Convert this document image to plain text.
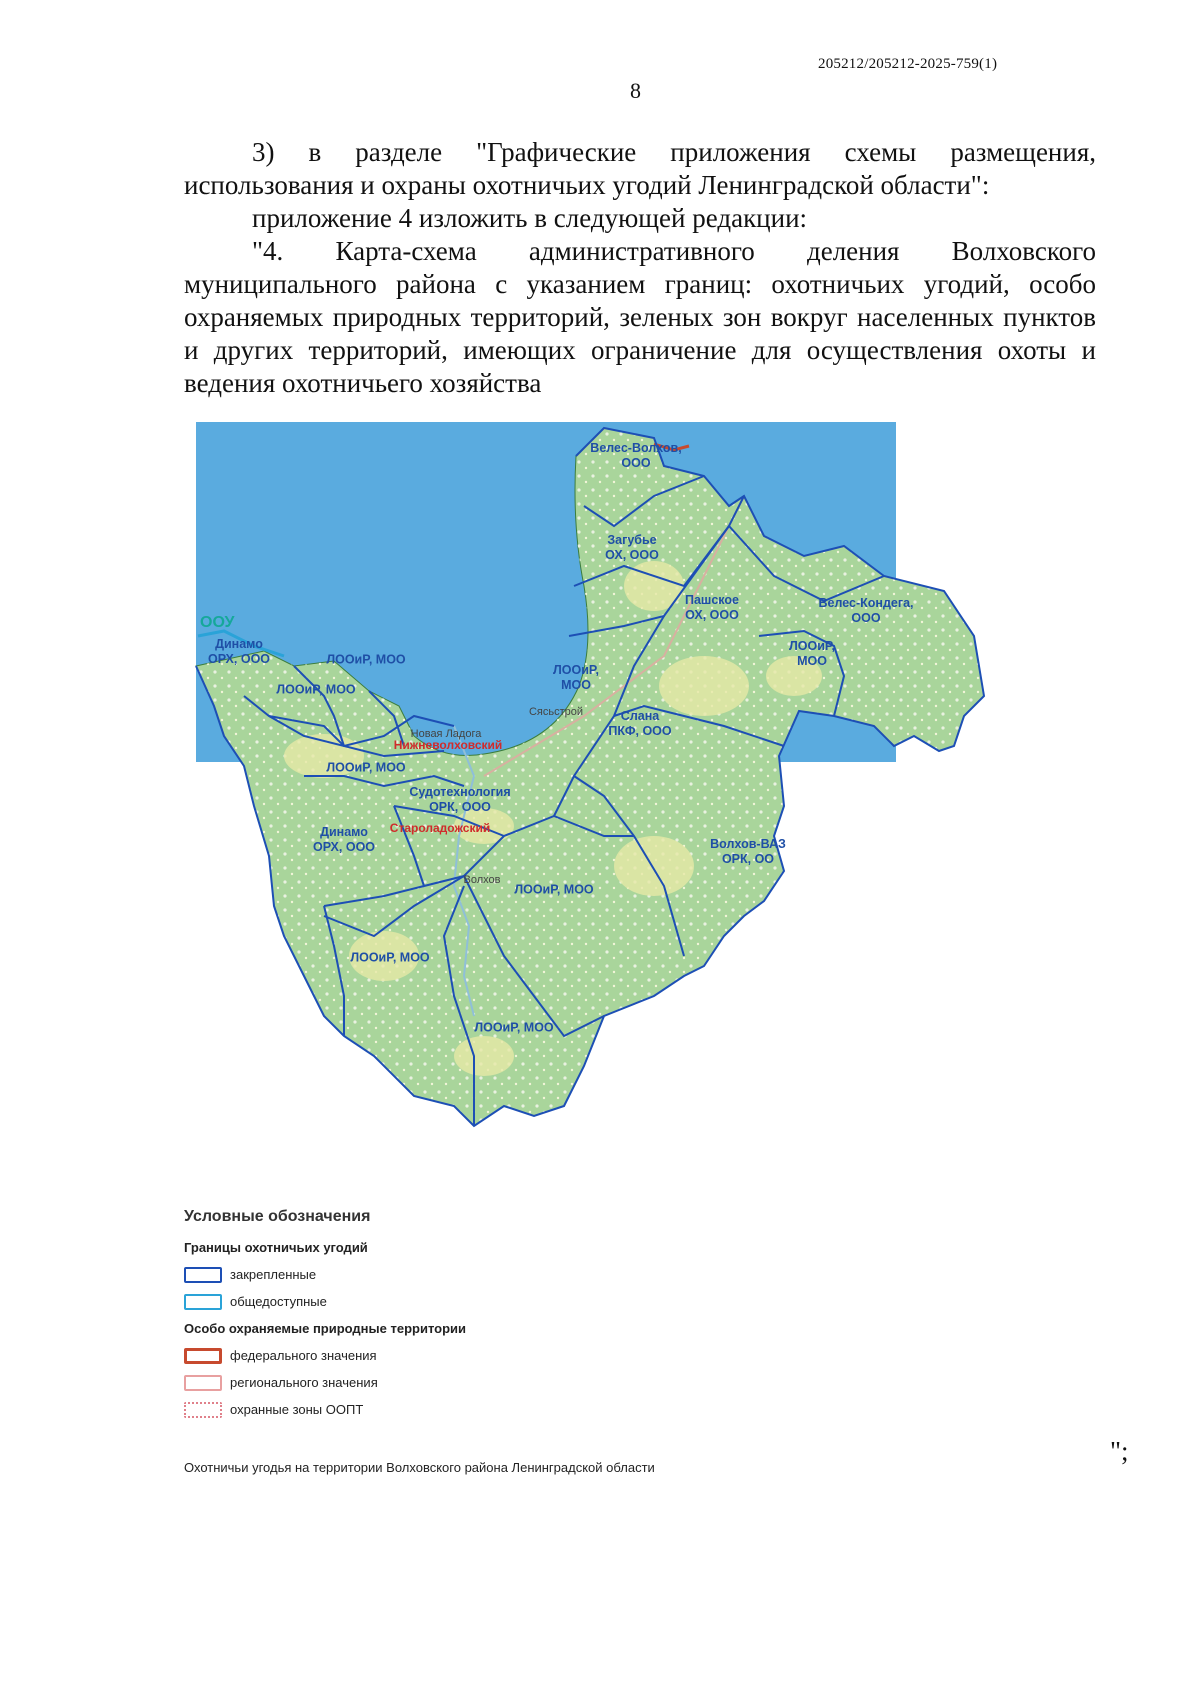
205212/205212-2025-759(1)
8

3) в разделе "Графические приложения схемы размещения, использования и охраны охотничьих угодий Ленинградской области":

приложение 4 изложить в следующей редакции:

"4. Карта-схема административного деления Волховского муниципального района с указанием границ: охотничьих угодий, особо охраняемых природных территорий, зеленых зон вокруг населенных пунктов и других территорий, имеющих ограничение для осуществления охоты и ведения охотничьего хозяйства

ООУ
Велес-Волхов,
ООО
Загубье
ОХ, ООО
Пашское
ОХ, ООО
Велес-Кондега,
ООО
ЛООиР,
МОО
Динамо
ОРХ, ООО	ЛООиР, МОО
ЛООиР, МОО
ЛООиР,
МОО
Слана
ПКФ, ООО
ЛООиР, МОО
Судотехнология
ОРК, ООО
Динамо
ОРХ, ООО	Волхов-ВАЗ
ОРК, ОО
ЛООиР, МОО
ЛООиР, МОО
ЛООиР, МОО
Нижневолховский
Староладожский
Новая Ладога
Сясьстрой
Волхов
Условные обозначения
Границы охотничьих угодий
закрепленные
общедоступные
Особо охраняемые природные территории
федерального значения
регионального значения
охранные зоны ООПТ
Охотничьи угодья на территории Волховского района Ленинградской области
";
